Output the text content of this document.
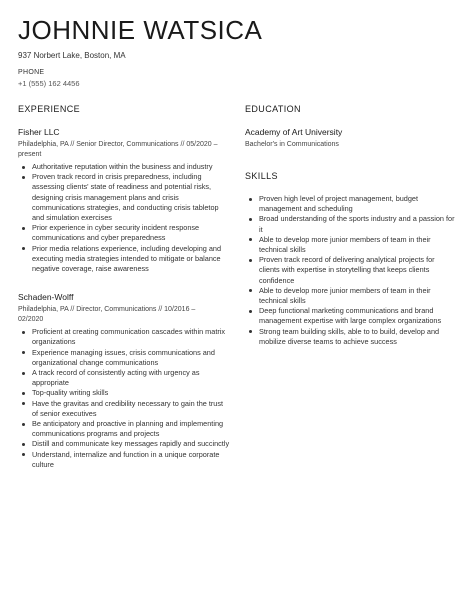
JOHNNIE WATSICA
937 Norbert Lake, Boston, MA
PHONE
+1 (555) 162 4456
EXPERIENCE
Fisher LLC
Philadelphia, PA // Senior Director, Communications // 05/2020 –
present
Authoritative reputation within the business and industry
Proven track record in crisis preparedness, including assessing clients' state of readiness and potential risks, designing crisis management plans and crisis communications strategies, and conducting crisis tabletop and simulation exercises
Prior experience in cyber security incident response communications and cyber preparedness
Prior media relations experience, including developing and executing media strategies intended to mitigate or balance negative coverage, raise awareness
Schaden-Wolff
Philadelphia, PA // Director, Communications // 10/2016 –
02/2020
Proficient at creating communication cascades within matrix organizations
Experience managing issues, crisis communications and organizational change communications
A track record of consistently acting with urgency as appropriate
Top-quality writing skills
Have the gravitas and credibility necessary to gain the trust of senior executives
Be anticipatory and proactive in planning and implementing communications programs and projects
Distill and communicate key messages rapidly and succinctly
Understand, internalize and function in a unique corporate culture
EDUCATION
Academy of Art University
Bachelor's in Communications
SKILLS
Proven high level of project management, budget management and scheduling
Broad understanding of the sports industry and a passion for it
Able to develop more junior members of team in their technical skills
Proven track record of delivering analytical projects for clients with expertise in storytelling that keeps clients confidence
Able to develop more junior members of team in their technical skills
Deep functional marketing communications and brand management expertise with large complex organizations
Strong team building skills, able to to build, develop and mobilize diverse teams to achieve success
